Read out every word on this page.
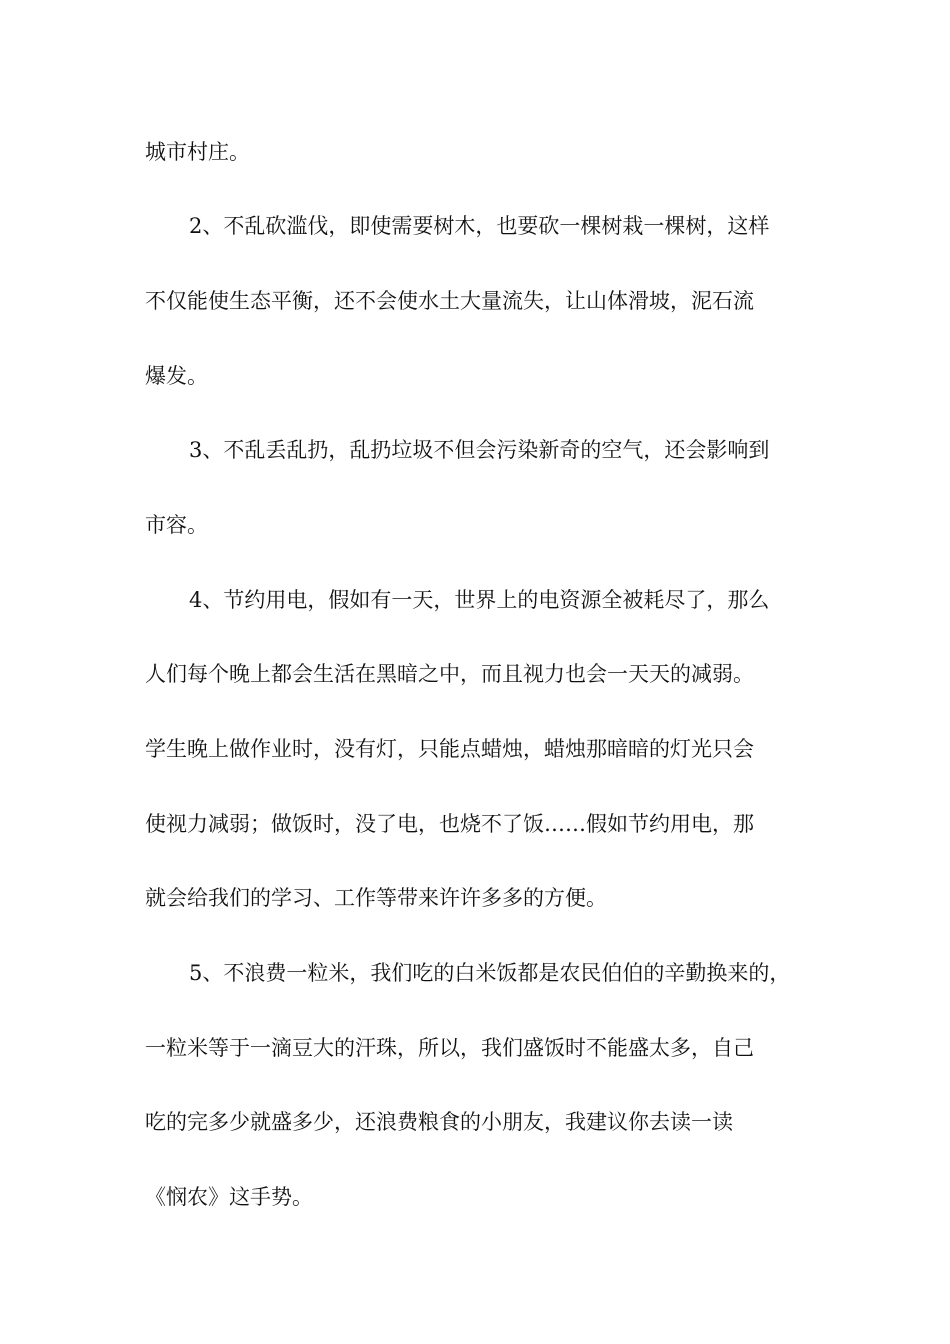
城市村庄。
2、不乱砍滥伐，即使需要树木，也要砍一棵树栽一棵树，这样
不仅能使生态平衡，还不会使水土大量流失，让山体滑坡，泥石流
爆发。
3、不乱丢乱扔，乱扔垃圾不但会污染新奇的空气，还会影响到
市容。
4、节约用电，假如有一天，世界上的电资源全被耗尽了，那么
人们每个晚上都会生活在黑暗之中，而且视力也会一天天的减弱。
学生晚上做作业时，没有灯，只能点蜡烛，蜡烛那暗暗的灯光只会
使视力减弱；做饭时，没了电，也烧不了饭……假如节约用电，那
就会给我们的学习、工作等带来许许多多的方便。
5、不浪费一粒米，我们吃的白米饭都是农民伯伯的辛勤换来的，
一粒米等于一滴豆大的汗珠，所以，我们盛饭时不能盛太多，自己
吃的完多少就盛多少，还浪费粮食的小朋友，我建议你去读一读
《悯农》这手势。
